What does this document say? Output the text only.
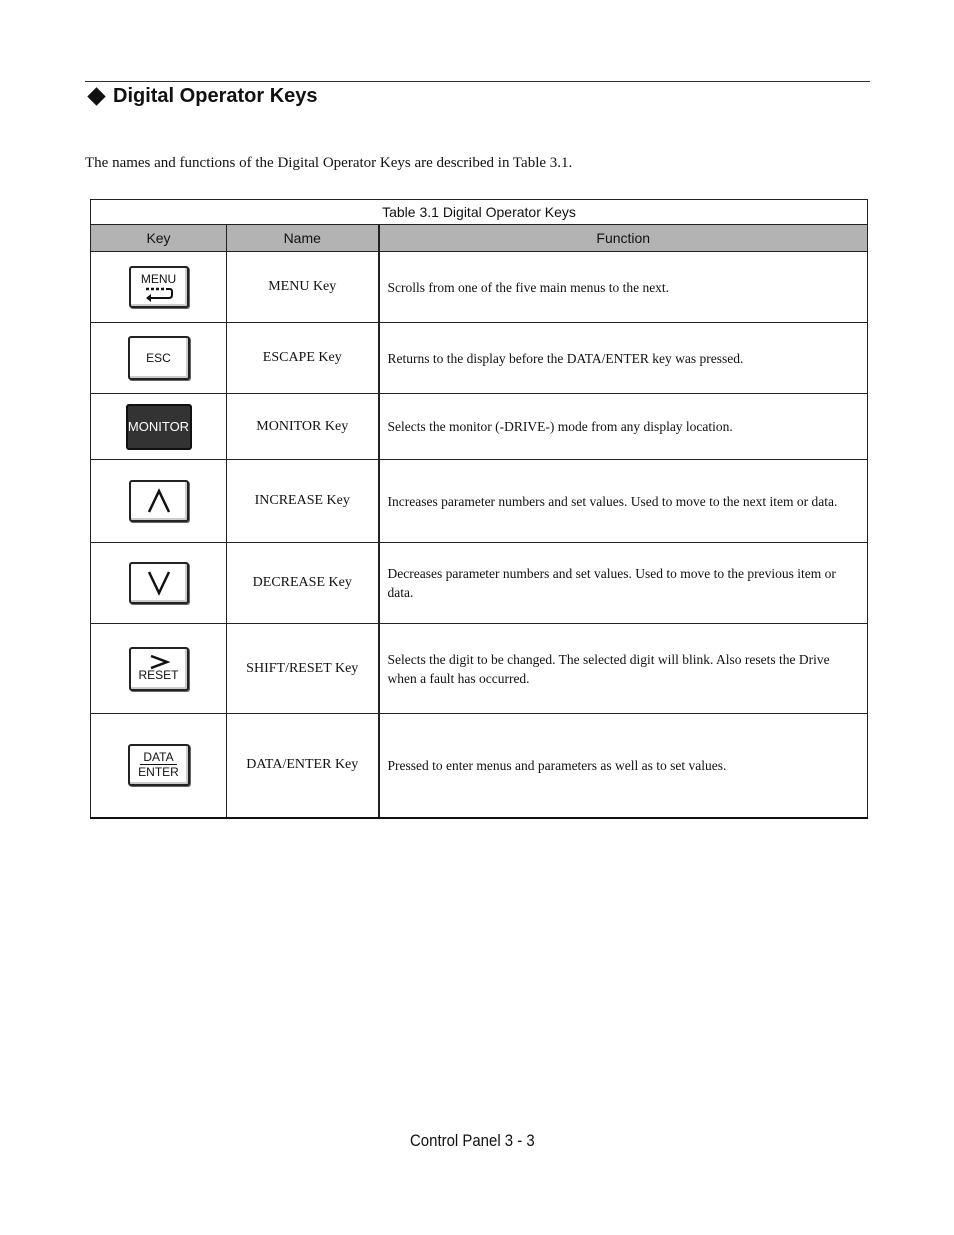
Digital Operator Keys
The names and functions of the Digital Operator Keys are described in Table 3.1.
Table 3.1 Digital Operator Keys		
Key	Name	Function

MENU	MENU Key	Scrolls from one of the five main menus to the next.

ESC	ESCAPE Key	Returns to the display before the DATA/ENTER key was pressed.

MONITOR	MONITOR Key	Selects the monitor (-DRIVE-) mode from any display location.

	INCREASE Key	Increases parameter numbers and set values. Used to move to the next item or data.

	DECREASE Key	Decreases parameter numbers and set values. Used to move to the previous item or data.

RESET	SHIFT/RESET Key	Selects the digit to be changed. The selected digit will blink. Also resets the Drive when a fault has occurred.

DATA
ENTER	DATA/ENTER Key	Pressed to enter menus and parameters as well as to set values.
Control Panel 3 - 3
